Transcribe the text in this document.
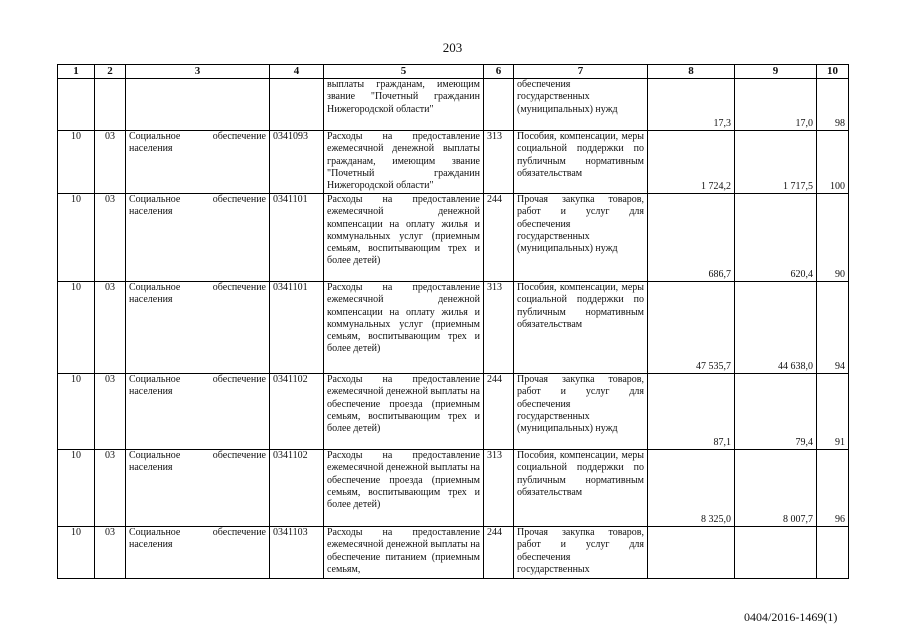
203
1	2	3	4	5	6	7	8	9	10
				выплаты гражданам, имеющим звание "Почетный гражданин Нижегородской области"		обеспечения государственных (муниципальных) нужд	17,3	17,0	98
10	03	Социальное обеспечение населения	0341093	Расходы на предоставление ежемесячной денежной выплаты гражданам, имеющим звание "Почетный гражданин Нижегородской области"	313	Пособия, компенсации, меры социальной поддержки по публичным нормативным обязательствам	1 724,2	1 717,5	100
10	03	Социальное обеспечение населения	0341101	Расходы на предоставление ежемесячной денежной компенсации на оплату жилья и коммунальных услуг (приемным семьям, воспитывающим трех и более детей)	244	Прочая закупка товаров, работ и услуг для обеспечения государственных (муниципальных) нужд	686,7	620,4	90
10	03	Социальное обеспечение населения	0341101	Расходы на предоставление ежемесячной денежной компенсации на оплату жилья и коммунальных услуг (приемным семьям, воспитывающим трех и более детей)	313	Пособия, компенсации, меры социальной поддержки по публичным нормативным обязательствам	47 535,7	44 638,0	94
10	03	Социальное обеспечение населения	0341102	Расходы на предоставление ежемесячной денежной выплаты на обеспечение проезда (приемным семьям, воспитывающим трех и более детей)	244	Прочая закупка товаров, работ и услуг для обеспечения государственных (муниципальных) нужд	87,1	79,4	91
10	03	Социальное обеспечение населения	0341102	Расходы на предоставление ежемесячной денежной выплаты на обеспечение проезда (приемным семьям, воспитывающим трех и более детей)	313	Пособия, компенсации, меры социальной поддержки по публичным нормативным обязательствам	8 325,0	8 007,7	96
10	03	Социальное обеспечение населения	0341103	Расходы на предоставление ежемесячной денежной выплаты на обеспечение питанием (приемным семьям,	244	Прочая закупка товаров, работ и услуг для обеспечения государственных			
0404/2016-1469(1)
